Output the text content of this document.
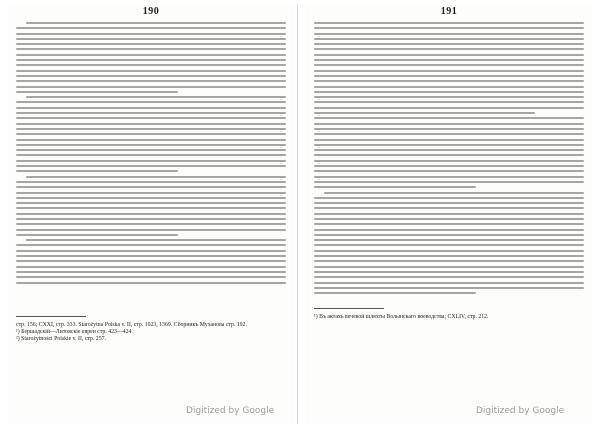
190
стр. 156; CXXI, стр. 333. Starożytna Polska v. II, стр. 1023, 1369. Сборникъ Муханова стр. 192.
¹) Бершадскій—Литовскіе евреи стр. 423—424.
²) Starożytności Polskie v. II, стр. 257.
Digitized by Google
191
¹) Въ актахъ вечевой шляхты Волынскаго воеводства; CXLIV, стр. 212.
Digitized by Google
